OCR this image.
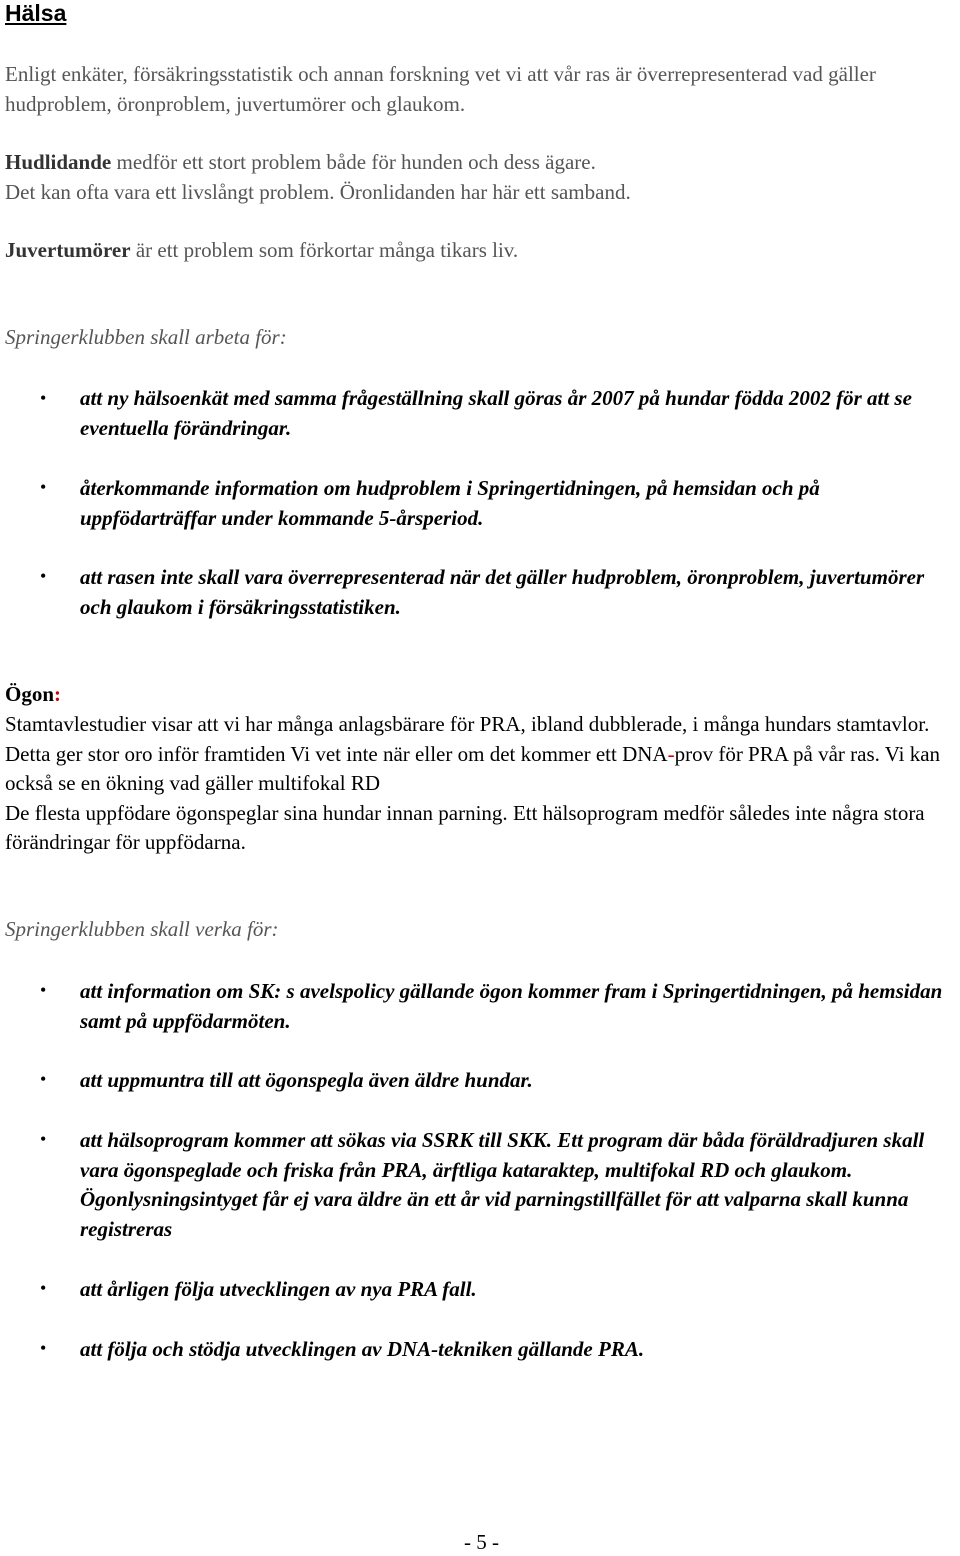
Hälsa

Enligt enkäter, försäkringsstatistik och annan forskning vet vi att vår ras är överrepresenterad vad gäller hudproblem, öronproblem, juvertumörer och glaukom.

Hudlidande medför ett stort problem både för hunden och dess ägare.
Det kan ofta vara ett livslångt problem. Öronlidanden har här ett samband.

Juvertumörer är ett problem som förkortar många tikars liv.

Springerklubben skall arbeta för:

• att ny hälsoenkät med samma frågeställning skall göras år 2007 på hundar födda 2002 för att se eventuella förändringar.

• återkommande information om hudproblem i Springertidningen, på hemsidan och på uppfödarträffar under kommande 5-årsperiod.

• att rasen inte skall vara överrepresenterad när det gäller hudproblem, öronproblem, juvertumörer och glaukom i försäkringsstatistiken.

Ögon:

Stamtavlestudier visar att vi har många anlagsbärare för PRA, ibland dubblerade, i många hundars stamtavlor. Detta ger stor oro inför framtiden Vi vet inte när eller om det kommer ett DNA-prov för PRA på vår ras. Vi kan också se en ökning vad gäller multifokal RD
De flesta uppfödare ögonspeglar sina hundar innan parning. Ett hälsoprogram medför således inte några stora förändringar för uppfödarna.

Springerklubben skall verka för:

• att information om SK: s avelspolicy gällande ögon kommer fram i Springertidningen, på hemsidan samt på uppfödarmöten.

• att uppmuntra till att ögonspegla även äldre hundar.

• att hälsoprogram kommer att sökas via SSRK till SKK. Ett program där båda föräldradjuren skall vara ögonspeglade och friska från PRA, ärftliga kataraktер, multifokal RD och glaukom. Ögonlysningsintyget får ej vara äldre än ett år vid parningstillfället för att valparna skall kunna registreras

• att årligen följa utvecklingen av nya PRA fall.

• att följa och stödja utvecklingen av DNA-tekniken gällande PRA.

- 5 -
